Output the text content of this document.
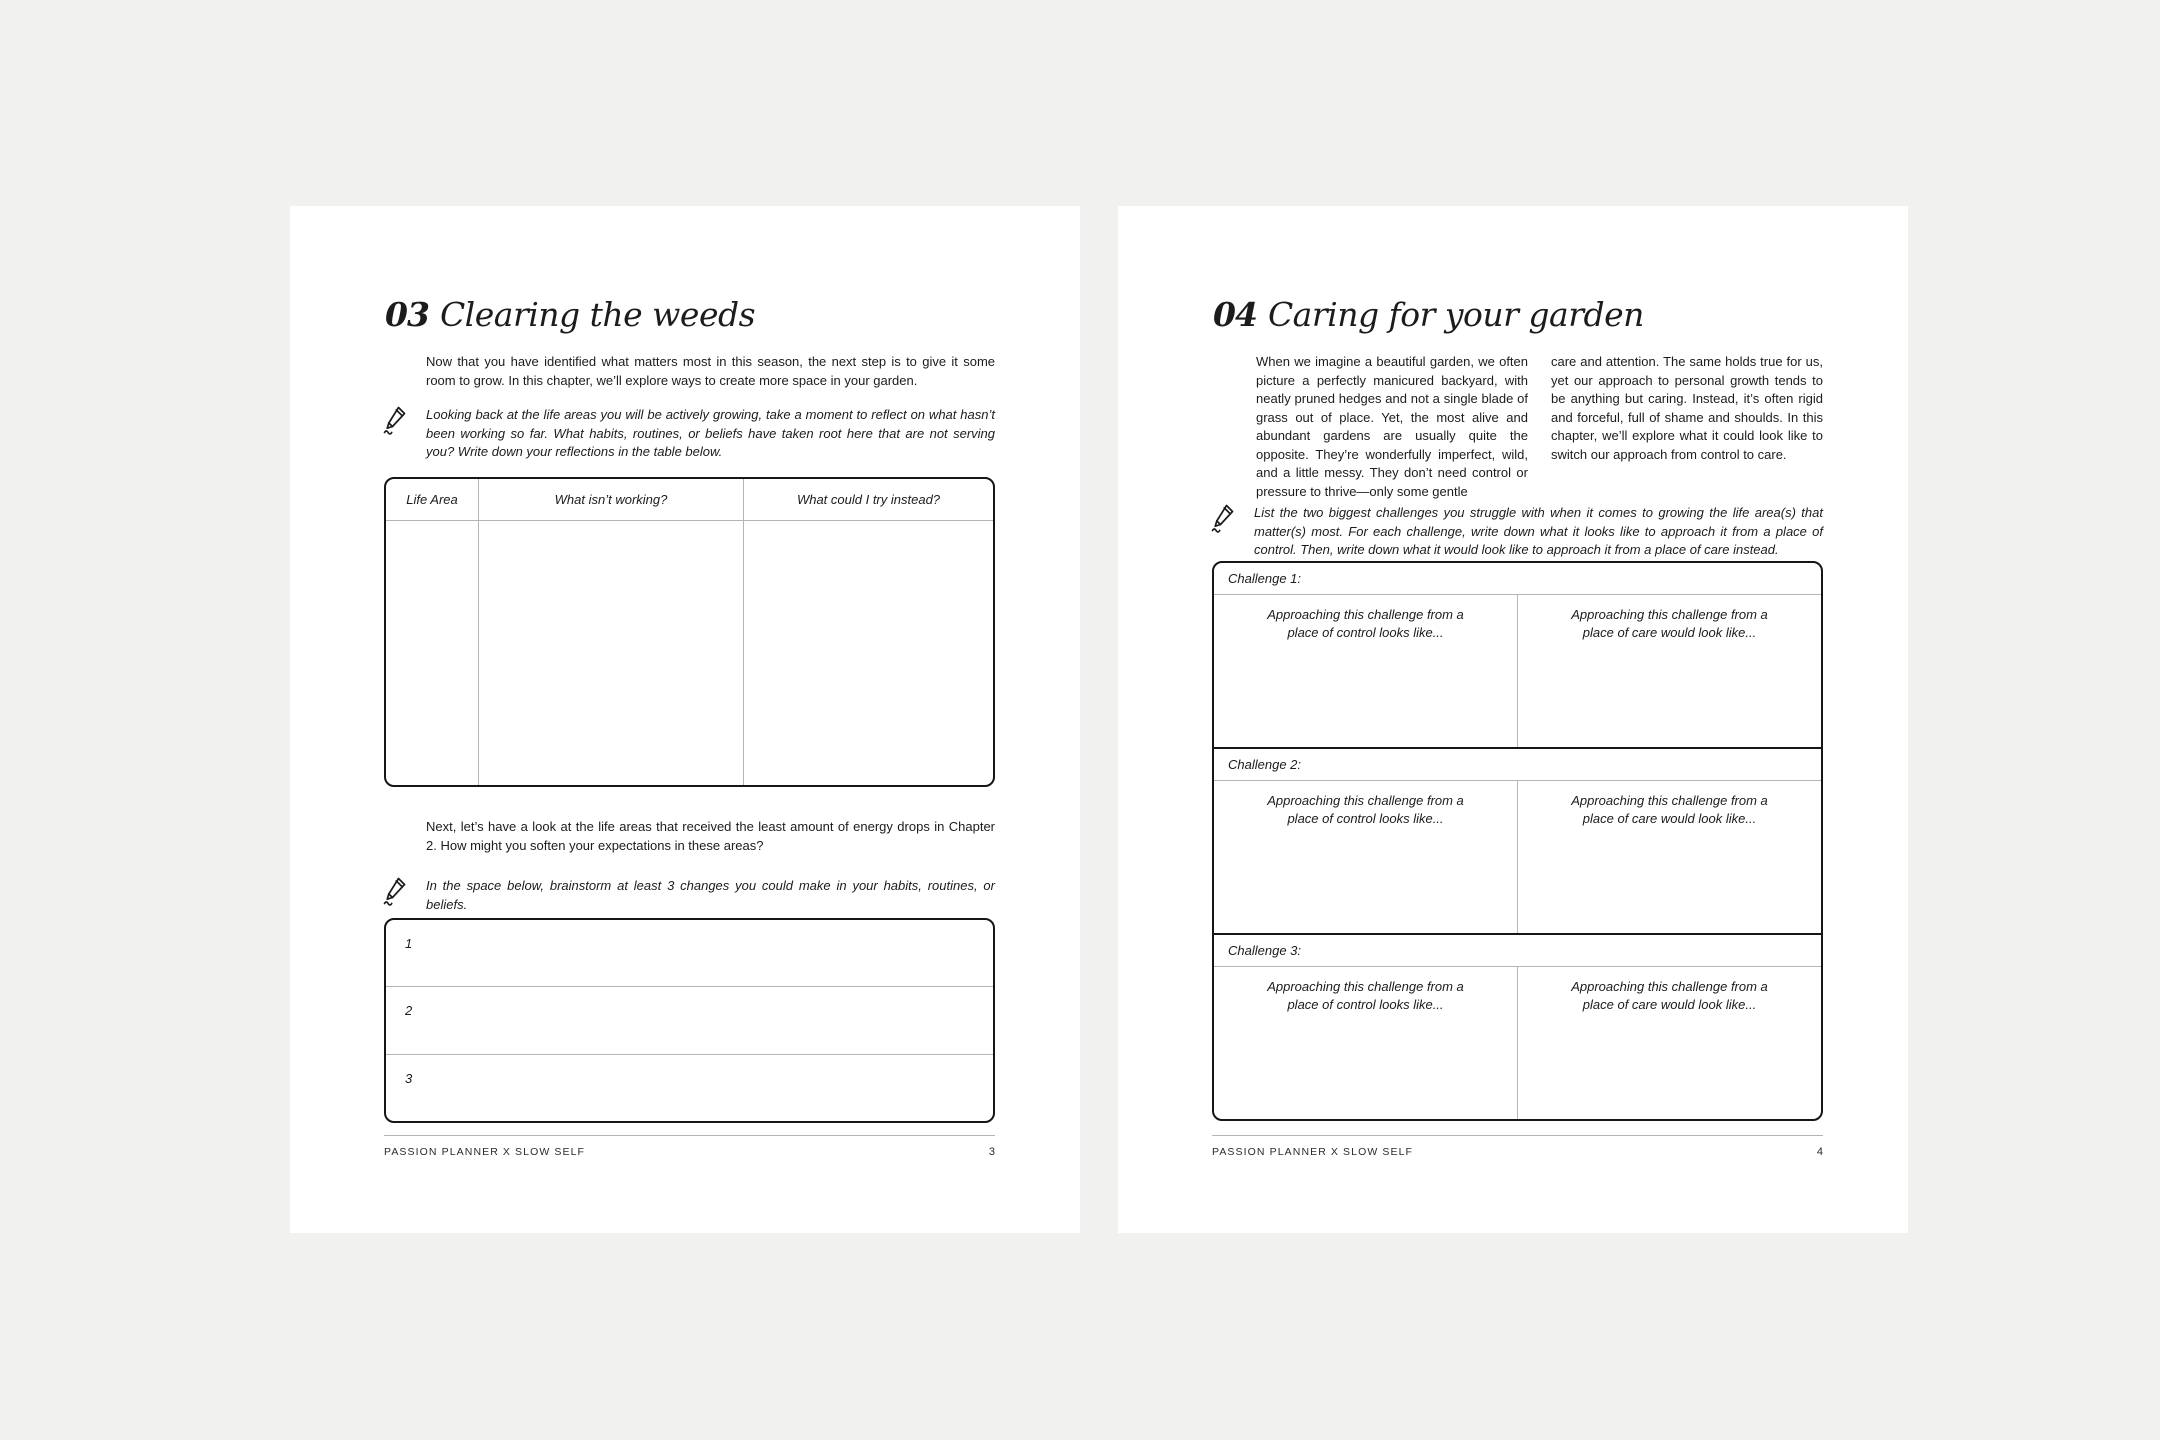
03 Clearing the weeds
Now that you have identified what matters most in this season, the next step is to give it some room to grow. In this chapter, we’ll explore ways to create more space in your garden.
Looking back at the life areas you will be actively growing, take a moment to reflect on what hasn’t been working so far. What habits, routines, or beliefs have taken root here that are not serving you? Write down your reflections in the table below.
Life Area	What isn’t working?	What could I try instead?
Next, let’s have a look at the life areas that received the least amount of energy drops in Chapter 2. How might you soften your expectations in these areas?
In the space below, brainstorm at least 3 changes you could make in your habits, routines, or beliefs.
1
2
3
PASSION PLANNER X SLOW SELF	3
04 Caring for your garden
When we imagine a beautiful garden, we often picture a perfectly manicured backyard, with neatly pruned hedges and not a single blade of grass out of place. Yet, the most alive and abundant gardens are usually quite the opposite. They’re wonderfully imperfect, wild, and a little messy. They don’t need control or pressure to thrive—only some gentle
care and attention. The same holds true for us, yet our approach to personal growth tends to be anything but caring. Instead, it’s often rigid and forceful, full of shame and shoulds. In this chapter, we’ll explore what it could look like to switch our approach from control to care.
List the two biggest challenges you struggle with when it comes to growing the life area(s) that matter(s) most. For each challenge, write down what it looks like to approach it from a place of control. Then, write down what it would look like to approach it from a place of care instead.
Challenge 1:
Approaching this challenge from a place of control looks like...
Approaching this challenge from a place of care would look like...
Challenge 2:
Approaching this challenge from a place of control looks like...
Approaching this challenge from a place of care would look like...
Challenge 3:
Approaching this challenge from a place of control looks like...
Approaching this challenge from a place of care would look like...
PASSION PLANNER X SLOW SELF	4
